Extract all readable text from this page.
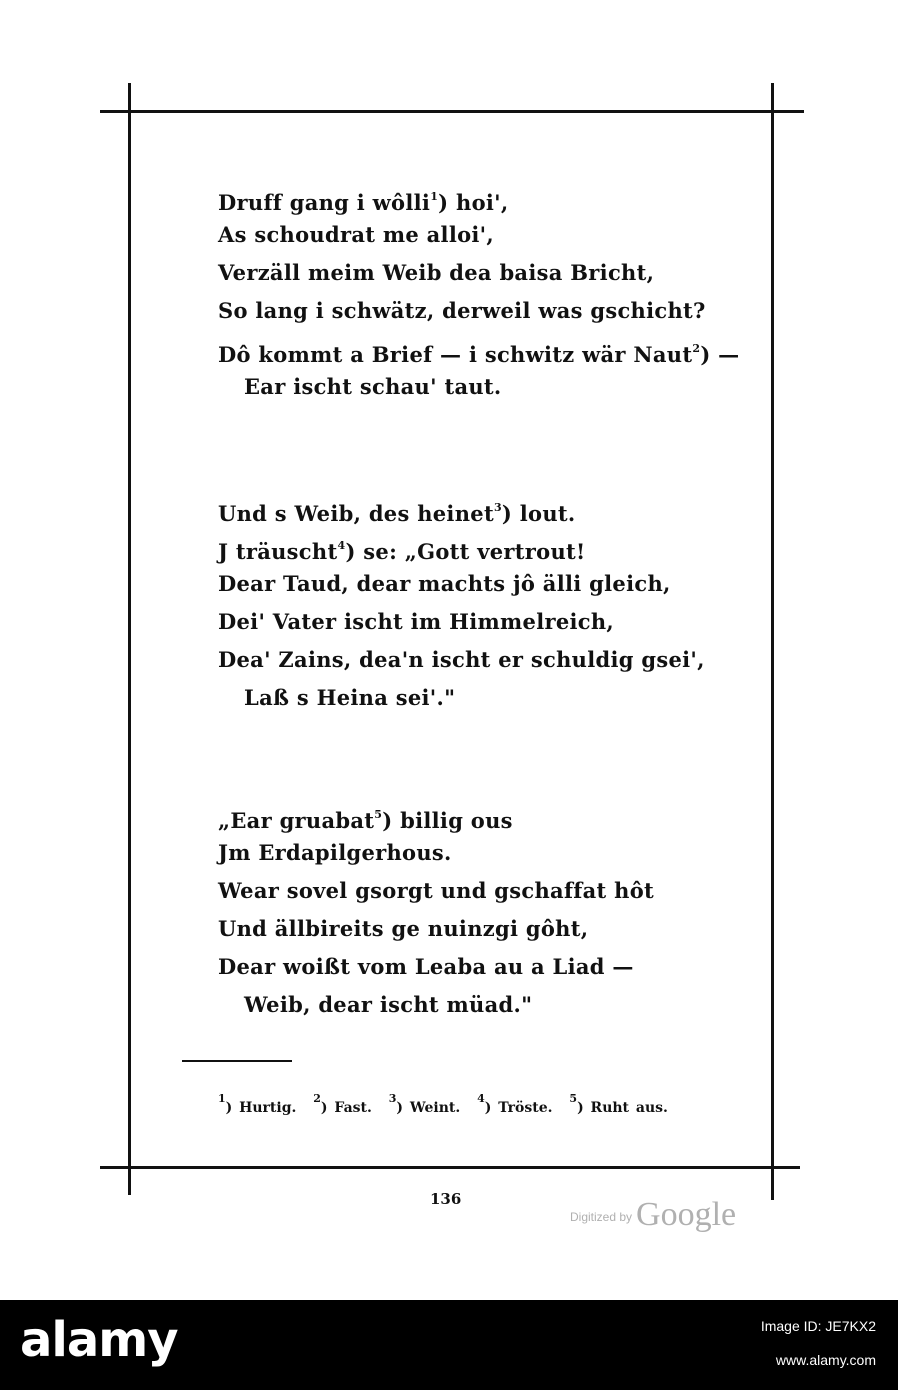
Druff gang i wôlli$^1$) hoi',
As schoudrat me alloi',
Verzäll meim Weib dea baisa Bricht,
So lang i schwätz, derweil was gschicht?
Dô kommt a Brief — i schwitz wär Naut$^2$) —
Ear ischt schau' taut.
Und s Weib, des heinet$^3$) lout.
J träuscht$^4$) se: „Gott vertrout!
Dear Taud, dear machts jô älli gleich,
Dei' Vater ischt im Himmelreich,
Dea' Zains, dea'n ischt er schuldig gsei',
Laß s Heina sei'."
„Ear gruabat$^5$) billig ous
Jm Erdapilgerhous.
Wear sovel gsorgt und gschaffat hôt
Und ällbireits ge nuinzgi gôht,
Dear woißt vom Leaba au a Liad —
Weib, dear ischt müad."
$^1$) Hurtig. $^2$) Fast. $^3$) Weint. $^4$) Tröste. $^5$) Ruht aus.
136
Digitized by Google
alamy	Image ID: JE7KX2
www.alamy.com
